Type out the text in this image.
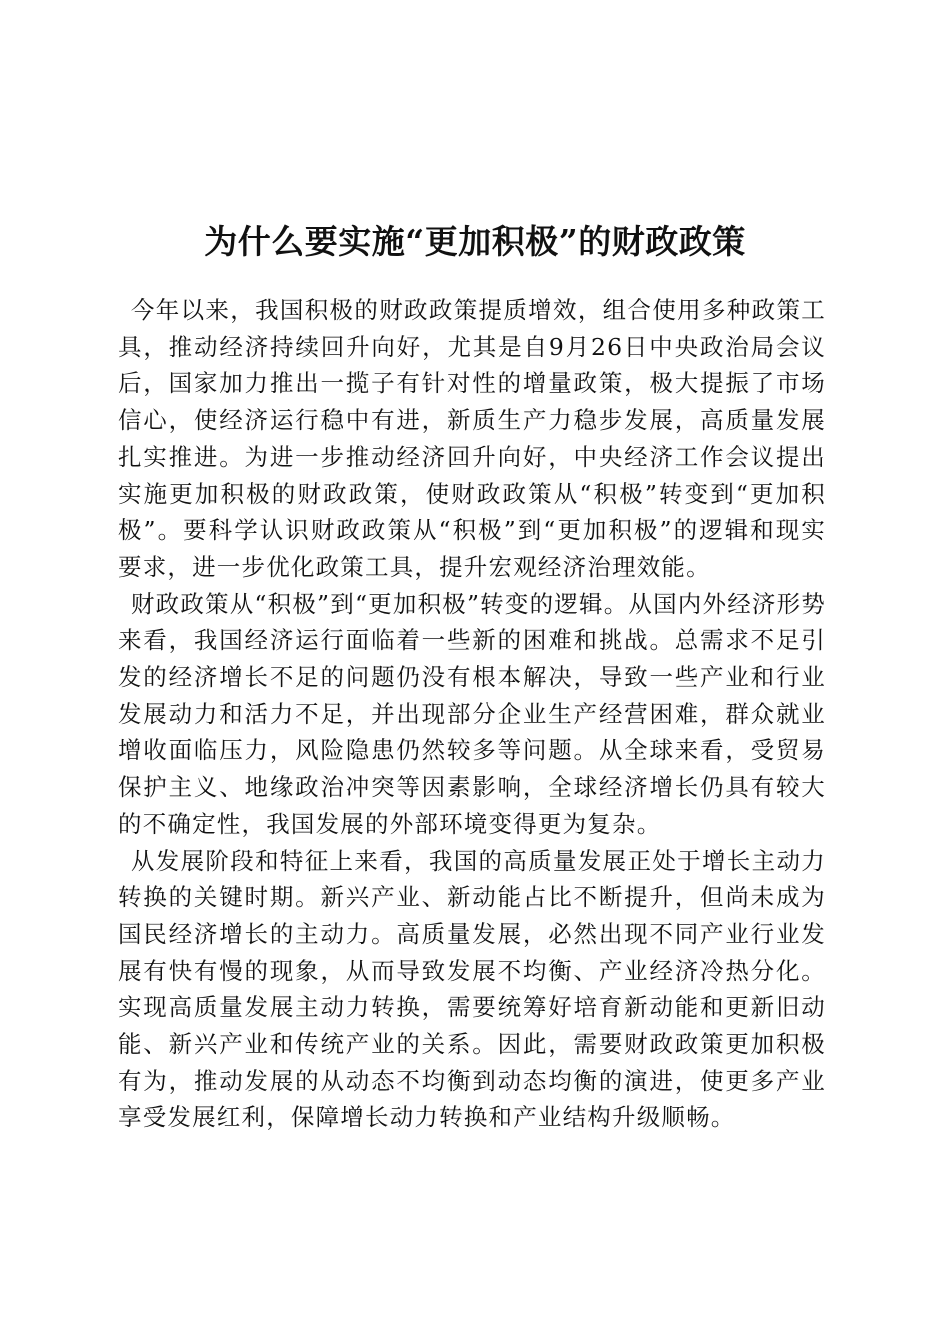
为什么要实施“更加积极”的财政政策

今年以来，我国积极的财政政策提质增效，组合使用多种政策工具，推动经济持续回升向好，尤其是自9月26日中央政治局会议后，国家加力推出一揽子有针对性的增量政策，极大提振了市场信心，使经济运行稳中有进，新质生产力稳步发展，高质量发展扎实推进。为进一步推动经济回升向好，中央经济工作会议提出实施更加积极的财政政策，使财政政策从“积极”转变到“更加积极”。要科学认识财政政策从“积极”到“更加积极”的逻辑和现实要求，进一步优化政策工具，提升宏观经济治理效能。

财政政策从“积极”到“更加积极”转变的逻辑。从国内外经济形势来看，我国经济运行面临着一些新的困难和挑战。总需求不足引发的经济增长不足的问题仍没有根本解决，导致一些产业和行业发展动力和活力不足，并出现部分企业生产经营困难，群众就业增收面临压力，风险隐患仍然较多等问题。从全球来看，受贸易保护主义、地缘政治冲突等因素影响，全球经济增长仍具有较大的不确定性，我国发展的外部环境变得更为复杂。

从发展阶段和特征上来看，我国的高质量发展正处于增长主动力转换的关键时期。新兴产业、新动能占比不断提升，但尚未成为国民经济增长的主动力。高质量发展，必然出现不同产业行业发展有快有慢的现象，从而导致发展不均衡、产业经济冷热分化。实现高质量发展主动力转换，需要统筹好培育新动能和更新旧动能、新兴产业和传统产业的关系。因此，需要财政政策更加积极有为，推动发展的从动态不均衡到动态均衡的演进，使更多产业享受发展红利，保障增长动力转换和产业结构升级顺畅。
